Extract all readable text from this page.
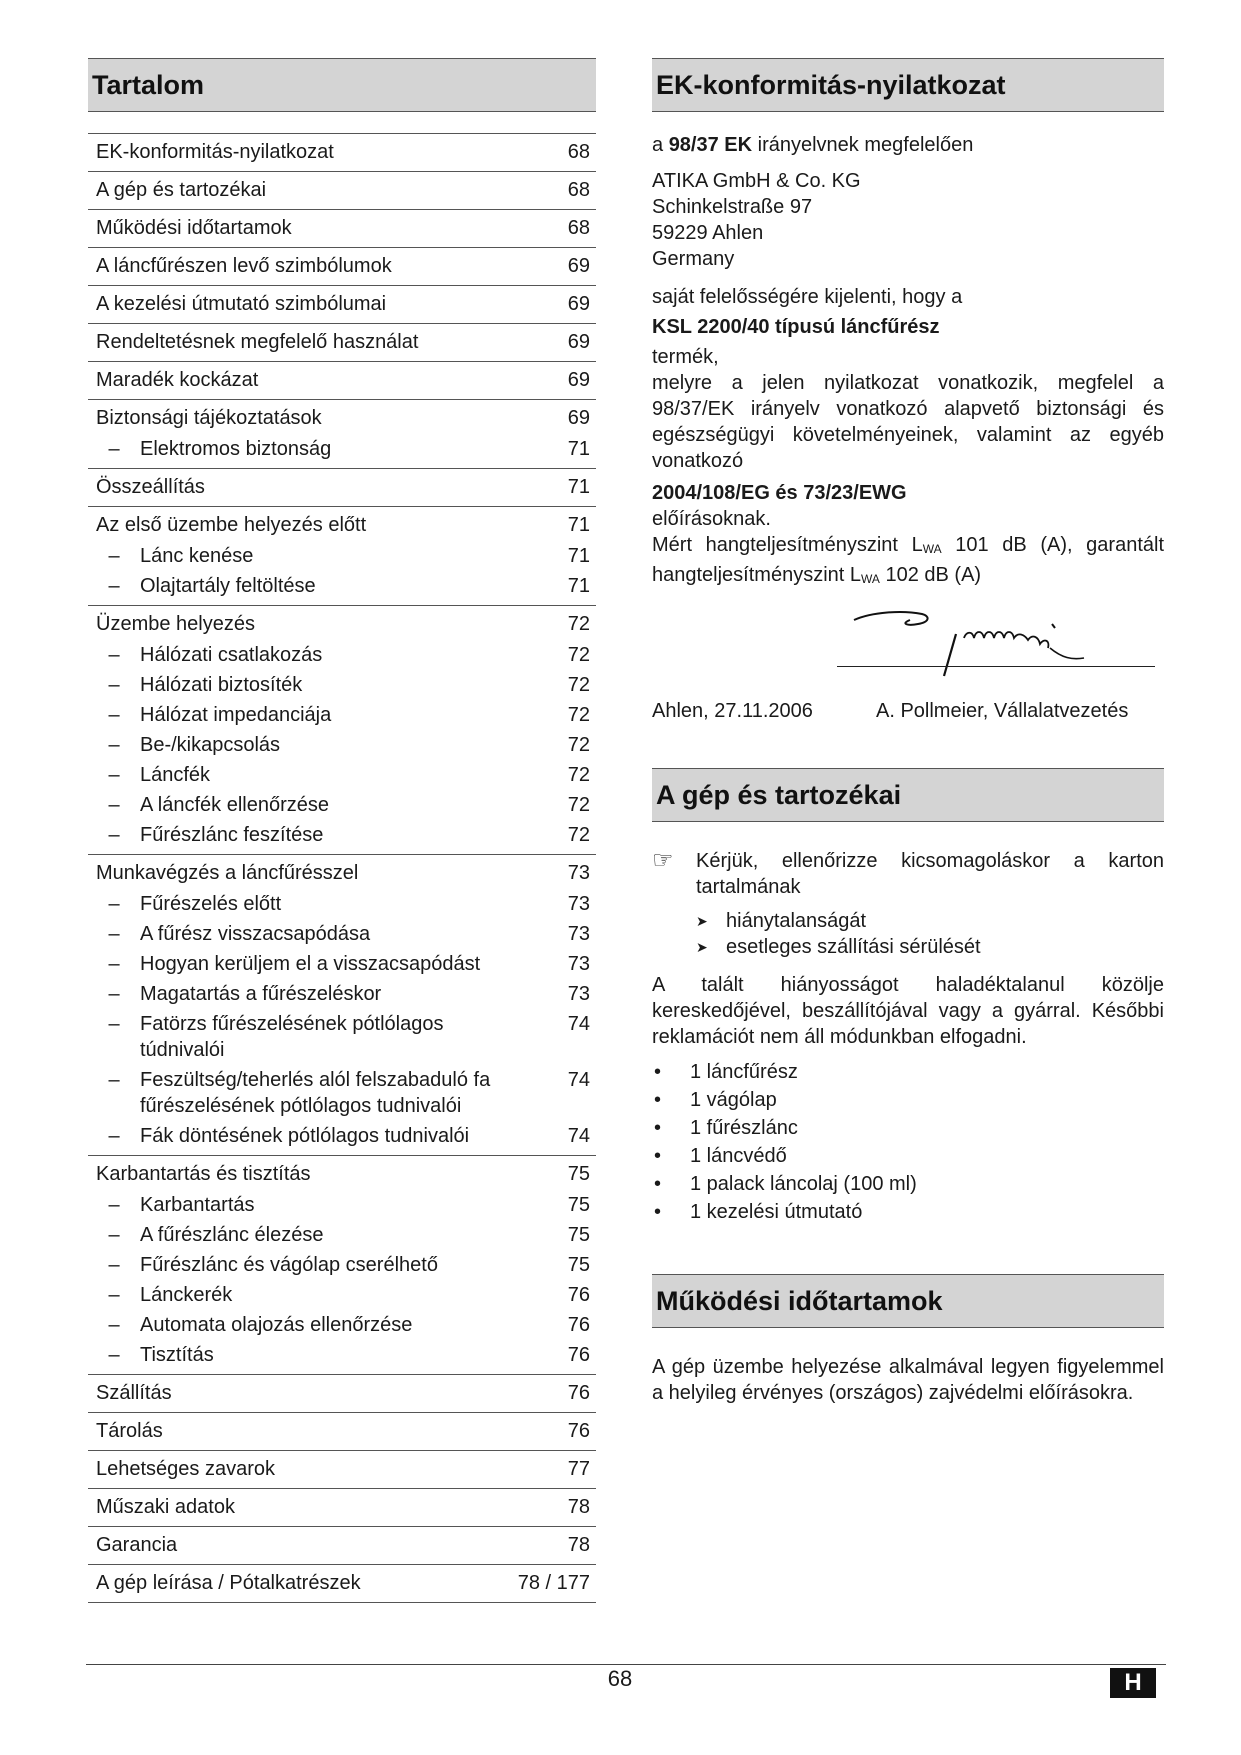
Tartalom
EK-konformitás-nyilatkozat	68
A gép és tartozékai	68
Működési időtartamok	68
A láncfűrészen levő szimbólumok	69
A kezelési útmutató szimbólumai	69
Rendeltetésnek megfelelő használat	69
Maradék kockázat	69
Biztonsági tájékoztatások	69
–	Elektromos biztonság	71
Összeállítás	71
Az első üzembe helyezés előtt	71
–	Lánc kenése	71
–	Olajtartály feltöltése	71
Üzembe helyezés	72
–	Hálózati csatlakozás	72
–	Hálózati biztosíték	72
–	Hálózat impedanciája	72
–	Be-/kikapcsolás	72
–	Láncfék	72
–	A láncfék ellenőrzése	72
–	Fűrészlánc feszítése	72
Munkavégzés a láncfűrésszel	73
–	Fűrészelés előtt	73
–	A fűrész visszacsapódása	73
–	Hogyan kerüljem el a visszacsapódást	73
–	Magatartás a fűrészeléskor	73
–	Fatörzs fűrészelésének pótlólagos túdnivalói
74
–	Feszültség/teherlés alól felszabaduló fa fűrészelésének pótlólagos tudnivalói
74
–	Fák döntésének pótlólagos tudnivalói	74
Karbantartás és tisztítás	75
–	Karbantartás	75
–	A fűrészlánc élezése	75
–	Fűrészlánc és vágólap cserélhető	75
–	Lánckerék	76
–	Automata olajozás ellenőrzése	76
–	Tisztítás	76
Szállítás	76
Tárolás	76
Lehetséges zavarok	77
Műszaki adatok	78
Garancia	78
A gép leírása / Pótalkatrészek	78 / 177
EK-konformitás-nyilatkozat

a 98/37 EK irányelvnek megfelelően

ATIKA GmbH & Co. KG

Schinkelstraße 97

59229 Ahlen

Germany

saját felelősségére kijelenti, hogy a

KSL 2200/40 típusú láncfűrész

termék,

melyre a jelen nyilatkozat vonatkozik, megfelel a 98/37/EK irányelv vonatkozó alapvető biztonsági és egészségügyi követelményeinek, valamint az egyéb vonatkozó

2004/108/EG és 73/23/EWG

előírásoknak.

Mért hangteljesítményszint $L_{WA}$ 101 dB (A), garantált hangteljesítményszint $L_{WA}$ 102 dB (A)

Ahlen, 27.11.2006	A. Pollmeier, Vállalatvezetés
A gép és tartozékai
☞	Kérjük, ellenőrizze kicsomagoláskor a karton tartalmának
➤ hiánytalanságát
➤ esetleges szállítási sérülését

A talált hiányosságot haladéktalanul közölje kereskedőjével, beszállítójával vagy a gyárral. Későbbi reklamációt nem áll módunkban elfogadni.

•	1 láncfűrész
•	1 vágólap
•	1 fűrészlánc
•	1 láncvédő
•	1 palack láncolaj (100 ml)
•	1 kezelési útmutató
Működési időtartamok

A gép üzembe helyezése alkalmával legyen figyelemmel a helyileg érvényes (országos) zajvédelmi előírásokra.

68	H
